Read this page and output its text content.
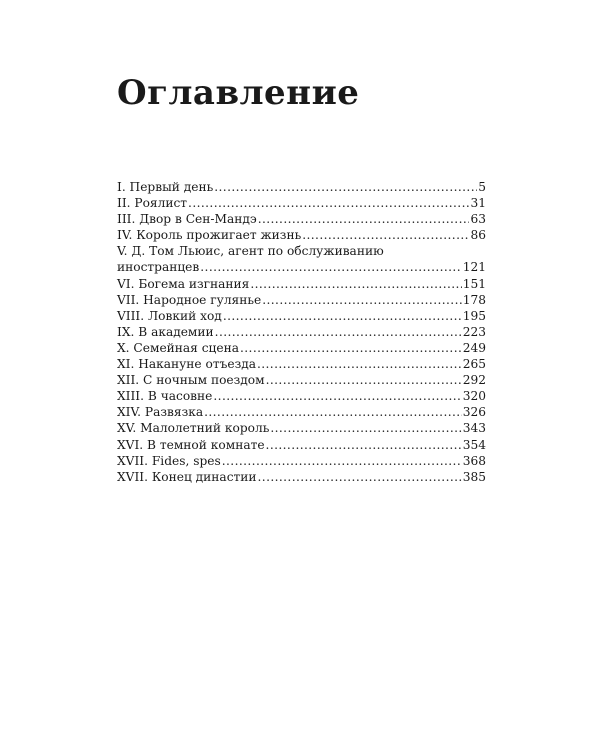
Оглавление
I. Первый день .....	5
II. Роялист .....	31
III. Двор в Сен-Мандэ .....	63
IV. Король прожигает жизнь .....	86
V. Д. Том Льюис, агент по обслуживанию
иностранцев .....	121
VI. Богема изгнания .....	151
VII. Народное гулянье .....	178
VIII. Ловкий ход .....	195
IX. В академии .....	223
X. Семейная сцена .....	249
XI. Накануне отъезда .....	265
XII. С ночным поездом .....	292
XIII. В часовне .....	320
XIV. Развязка .....	326
XV. Малолетний король .....	343
XVI. В темной комнате .....	354
XVII. Fides, spes .....	368
XVII. Конец династии .....	385
